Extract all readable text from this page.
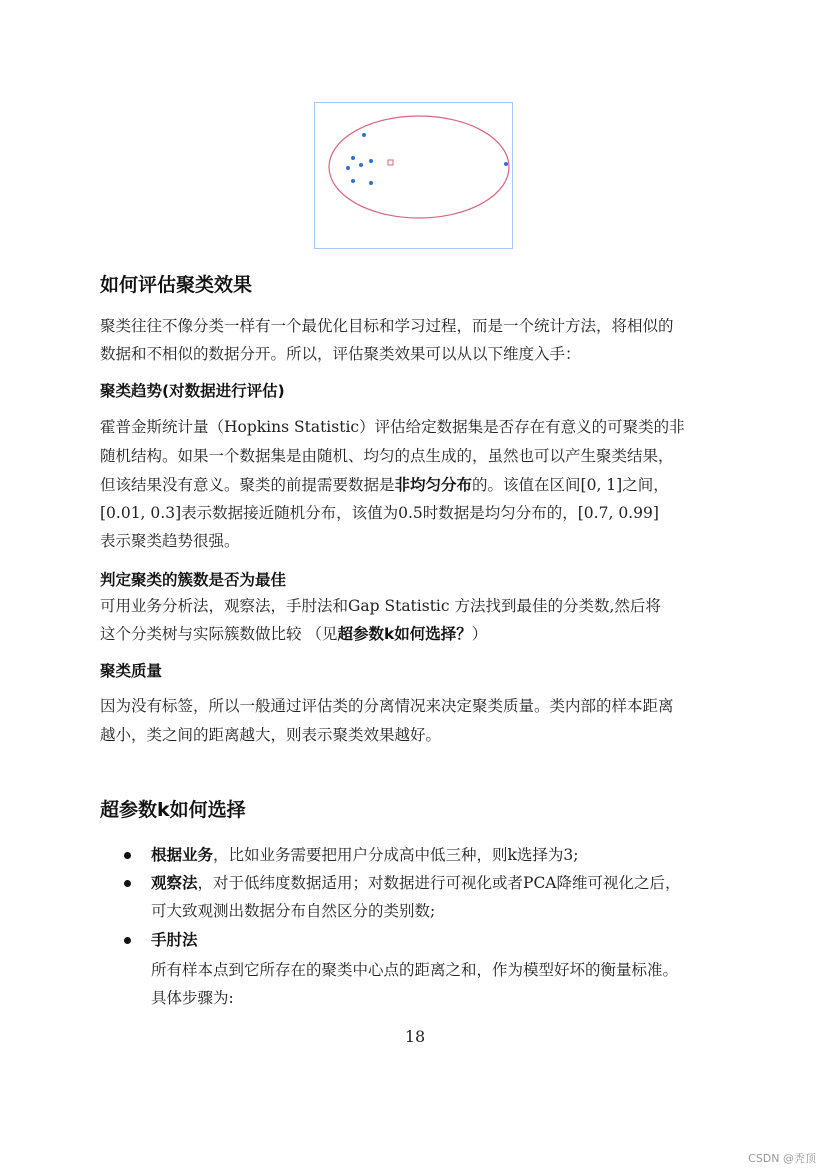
如何评估聚类效果
聚类往往不像分类一样有一个最优化目标和学习过程，而是一个统计方法，将相似的
数据和不相似的数据分开。所以，评估聚类效果可以从以下维度入手：
聚类趋势(对数据进行评估)
霍普金斯统计量（Hopkins Statistic）评估给定数据集是否存在有意义的可聚类的非
随机结构。如果一个数据集是由随机、均匀的点生成的，虽然也可以产生聚类结果，
但该结果没有意义。聚类的前提需要数据是非均匀分布的。该值在区间[0, 1]之间，
[0.01, 0.3]表示数据接近随机分布，该值为0.5时数据是均匀分布的，[0.7, 0.99]
表示聚类趋势很强。
判定聚类的簇数是否为最佳
可用业务分析法，观察法，手肘法和Gap Statistic 方法找到最佳的分类数,然后将
这个分类树与实际簇数做比较 （见超参数k如何选择？）
聚类质量
因为没有标签，所以一般通过评估类的分离情况来决定聚类质量。类内部的样本距离
越小，类之间的距离越大，则表示聚类效果越好。
超参数k如何选择
根据业务，比如业务需要把用户分成高中低三种，则k选择为3;
观察法，对于低纬度数据适用；对数据进行可视化或者PCA降维可视化之后，
可大致观测出数据分布自然区分的类别数;
手肘法
所有样本点到它所存在的聚类中心点的距离之和，作为模型好坏的衡量标准。
具体步骤为:
18
CSDN @秃顶
